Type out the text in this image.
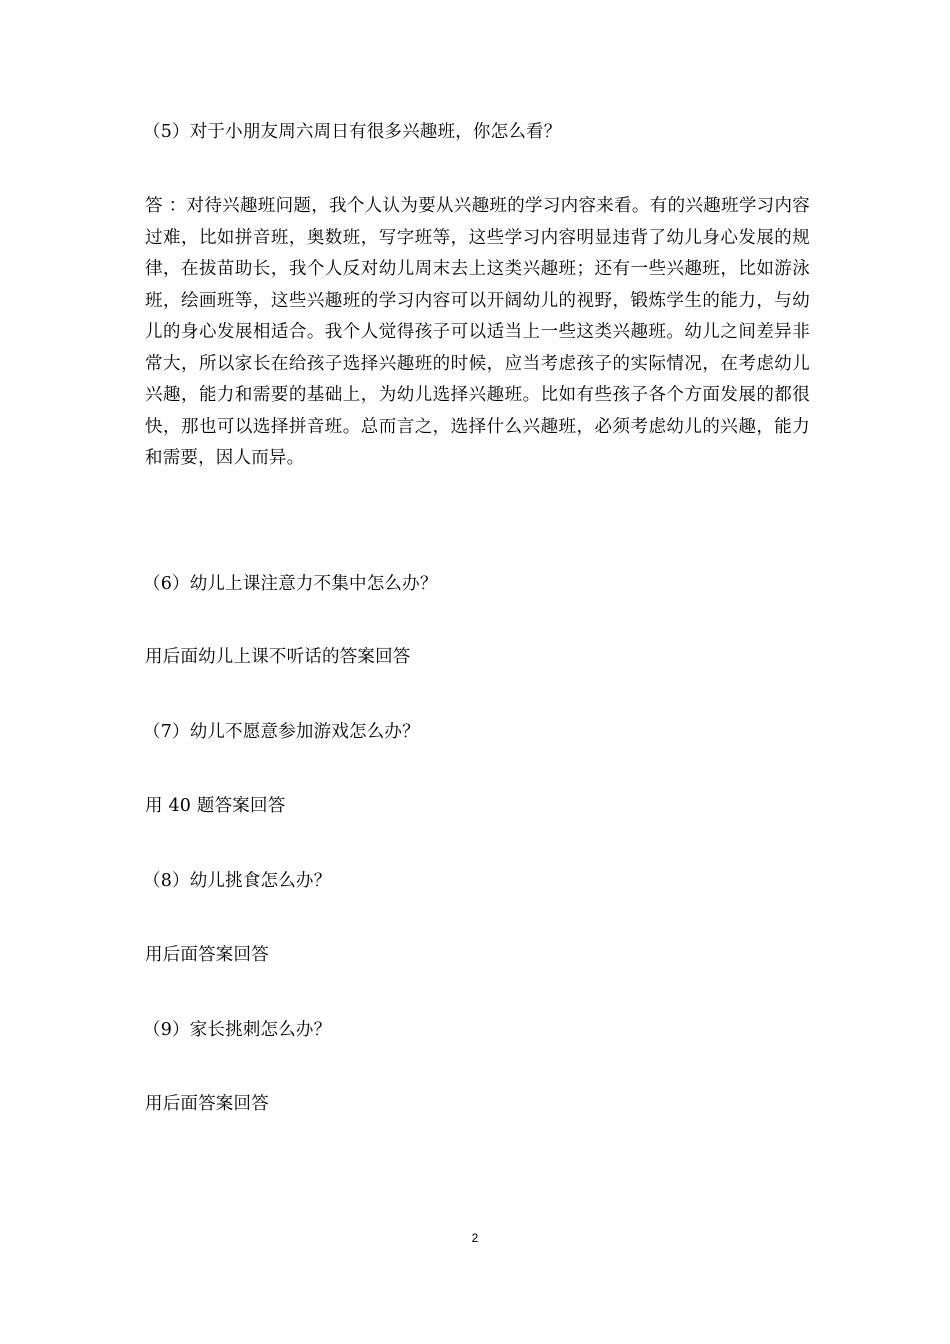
（5）对于小朋友周六周日有很多兴趣班，你怎么看？

答 ：对待兴趣班问题，我个人认为要从兴趣班的学习内容来看。有的兴趣班学习内容过难，比如拼音班，奥数班，写字班等，这些学习内容明显违背了幼儿身心发展的规律，在拔苗助长，我个人反对幼儿周末去上这类兴趣班；还有一些兴趣班，比如游泳班，绘画班等，这些兴趣班的学习内容可以开阔幼儿的视野，锻炼学生的能力，与幼儿的身心发展相适合。我个人觉得孩子可以适当上一些这类兴趣班。幼儿之间差异非常大，所以家长在给孩子选择兴趣班的时候，应当考虑孩子的实际情况，在考虑幼儿兴趣，能力和需要的基础上，为幼儿选择兴趣班。比如有些孩子各个方面发展的都很快，那也可以选择拼音班。总而言之，选择什么兴趣班，必须考虑幼儿的兴趣，能力和需要，因人而异。

（6）幼儿上课注意力不集中怎么办？

用后面幼儿上课不听话的答案回答

（7）幼儿不愿意参加游戏怎么办？

用 40 题答案回答

（8）幼儿挑食怎么办？

用后面答案回答

（9）家长挑刺怎么办？

用后面答案回答

2
